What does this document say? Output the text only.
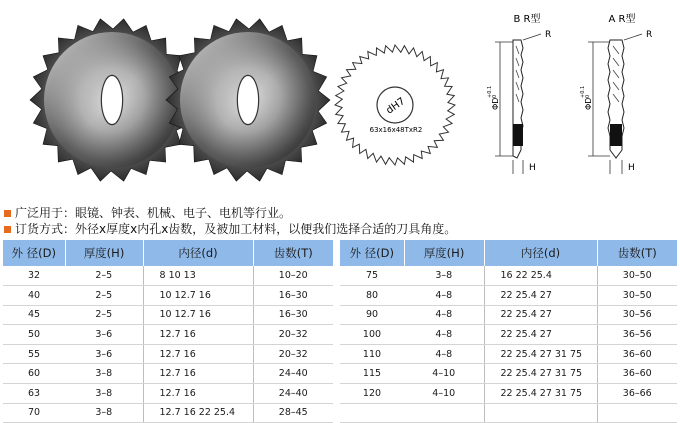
dH7
63x16x48TxR2
B R型
R
H
ΦD
+0.1 0
A R型
R
H
ΦD
+0.1 0
广泛用于：眼镜、钟表、机械、电子、电机等行业。
订货方式：外径x厚度x内孔x齿数，及被加工材料，以便我们选择合适的刀具角度。
外 径(D)	厚度(H)	内径(d)	齿数(T)
32	2–5	8 10 13	10–20
40	2–5	10 12.7 16	16–30
45	2–5	10 12.7 16	16–30
50	3–6	12.7 16	20–32
55	3–6	12.7 16	20–32
60	3–8	12.7 16	24–40
63	3–8	12.7 16	24–40
70	3–8	12.7 16 22 25.4	28–45
外 径(D)	厚度(H)	内径(d)	齿数(T)
75	3–8	16 22 25.4	30–50
80	4–8	22 25.4 27	30–50
90	4–8	22 25.4 27	30–56
100	4–8	22 25.4 27	36–56
110	4–8	22 25.4 27 31 75	36–60
115	4–10	22 25.4 27 31 75	36–60
120	4–10	22 25.4 27 31 75	36–66
